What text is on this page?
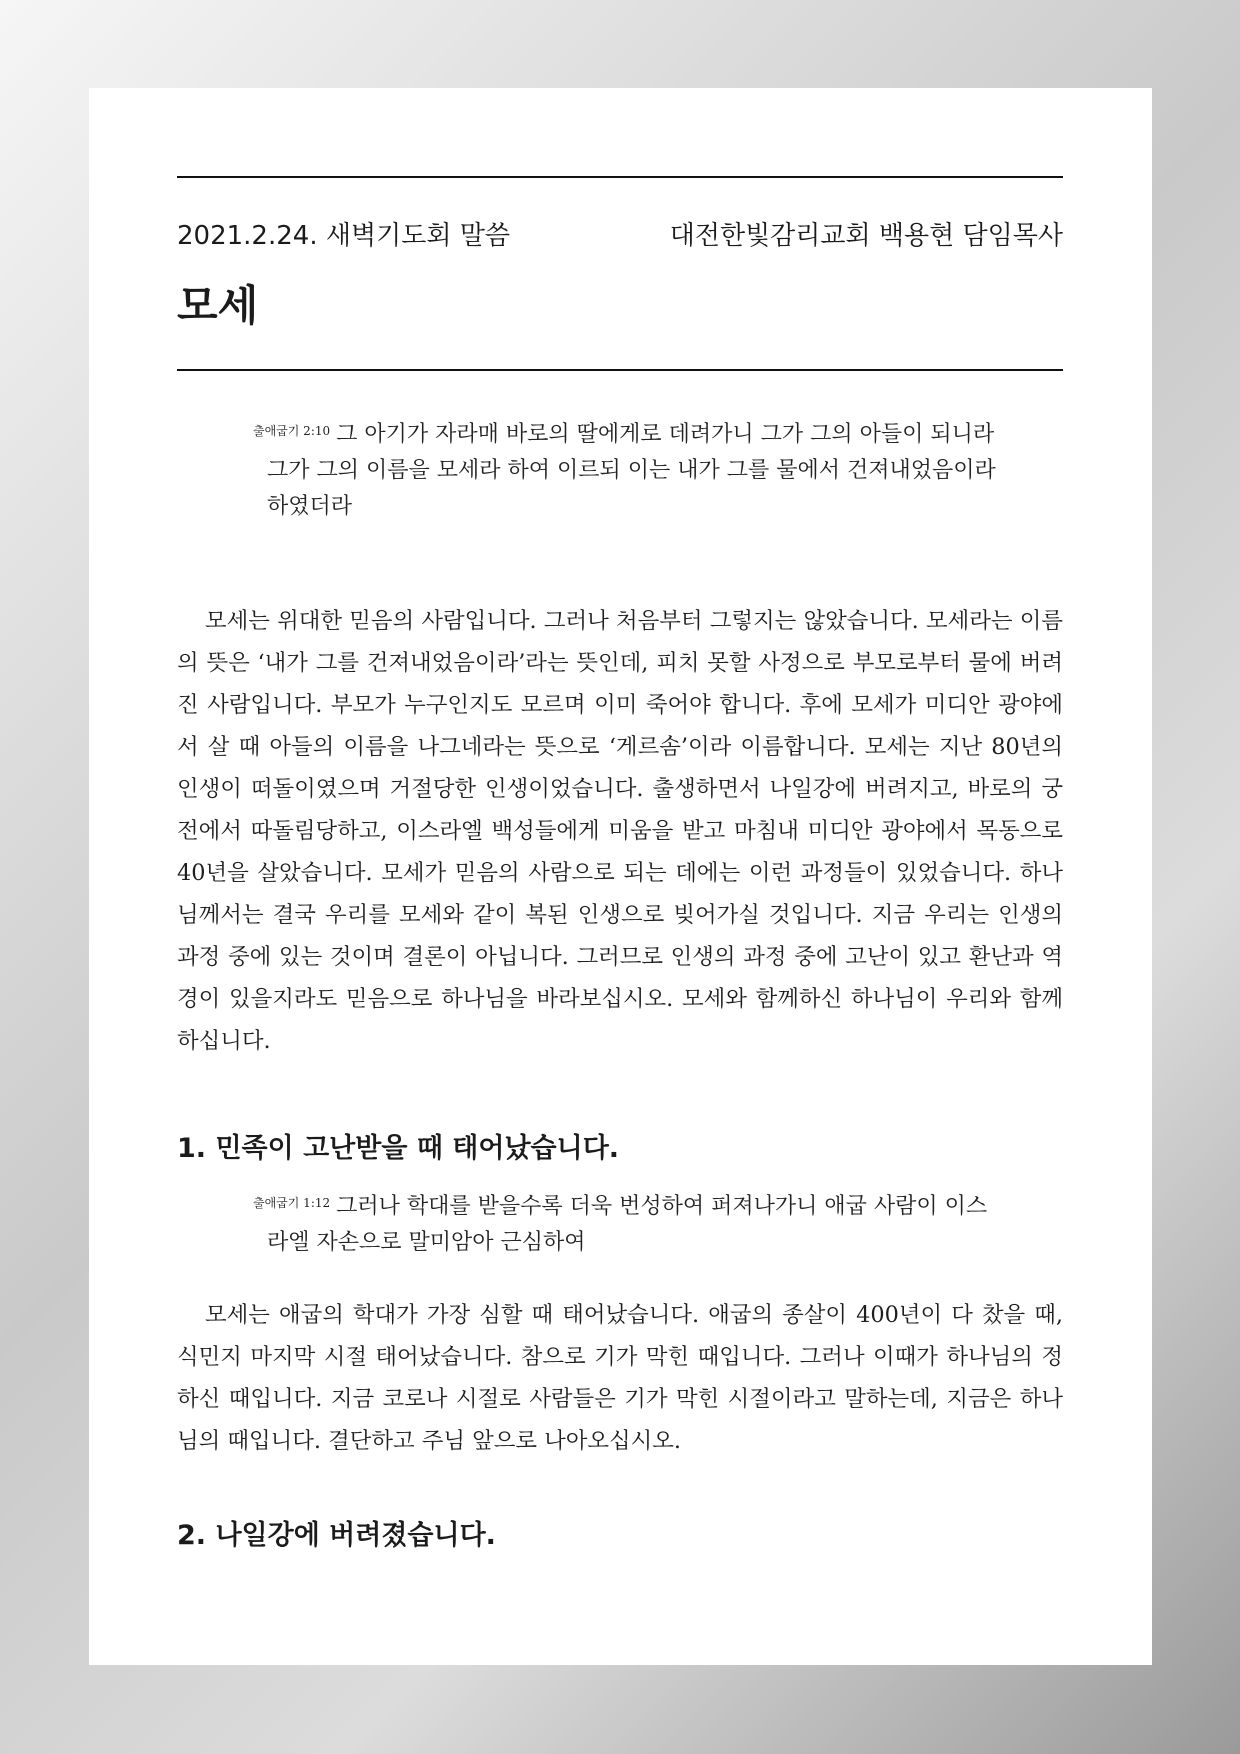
2021.2.24. 새벽기도회 말씀	대전한빛감리교회 백용현 담임목사
모세
$^{출애굽기 2:10}$ 그 아기가 자라매 바로의 딸에게로 데려가니 그가 그의 아들이 되니라 그가 그의 이름을 모세라 하여 이르되 이는 내가 그를 물에서 건져내었음이라 하였더라

모세는 위대한 믿음의 사람입니다. 그러나 처음부터 그렇지는 않았습니다. 모세라는 이름의 뜻은 ‘내가 그를 건져내었음이라’라는 뜻인데, 피치 못할 사정으로 부모로부터 물에 버려진 사람입니다. 부모가 누구인지도 모르며 이미 죽어야 합니다. 후에 모세가 미디안 광야에서 살 때 아들의 이름을 나그네라는 뜻으로 ‘게르솜’이라 이름합니다. 모세는 지난 80년의 인생이 떠돌이였으며 거절당한 인생이었습니다. 출생하면서 나일강에 버려지고, 바로의 궁전에서 따돌림당하고, 이스라엘 백성들에게 미움을 받고 마침내 미디안 광야에서 목동으로 40년을 살았습니다. 모세가 믿음의 사람으로 되는 데에는 이런 과정들이 있었습니다. 하나님께서는 결국 우리를 모세와 같이 복된 인생으로 빚어가실 것입니다. 지금 우리는 인생의 과정 중에 있는 것이며 결론이 아닙니다. 그러므로 인생의 과정 중에 고난이 있고 환난과 역경이 있을지라도 믿음으로 하나님을 바라보십시오. 모세와 함께하신 하나님이 우리와 함께하십니다.

1. 민족이 고난받을 때 태어났습니다.
$^{출애굽기 1:12}$ 그러나 학대를 받을수록 더욱 번성하여 퍼져나가니 애굽 사람이 이스라엘 자손으로 말미암아 근심하여

모세는 애굽의 학대가 가장 심할 때 태어났습니다. 애굽의 종살이 400년이 다 찼을 때, 식민지 마지막 시절 태어났습니다. 참으로 기가 막힌 때입니다. 그러나 이때가 하나님의 정하신 때입니다. 지금 코로나 시절로 사람들은 기가 막힌 시절이라고 말하는데, 지금은 하나님의 때입니다. 결단하고 주님 앞으로 나아오십시오.

2. 나일강에 버려졌습니다.
